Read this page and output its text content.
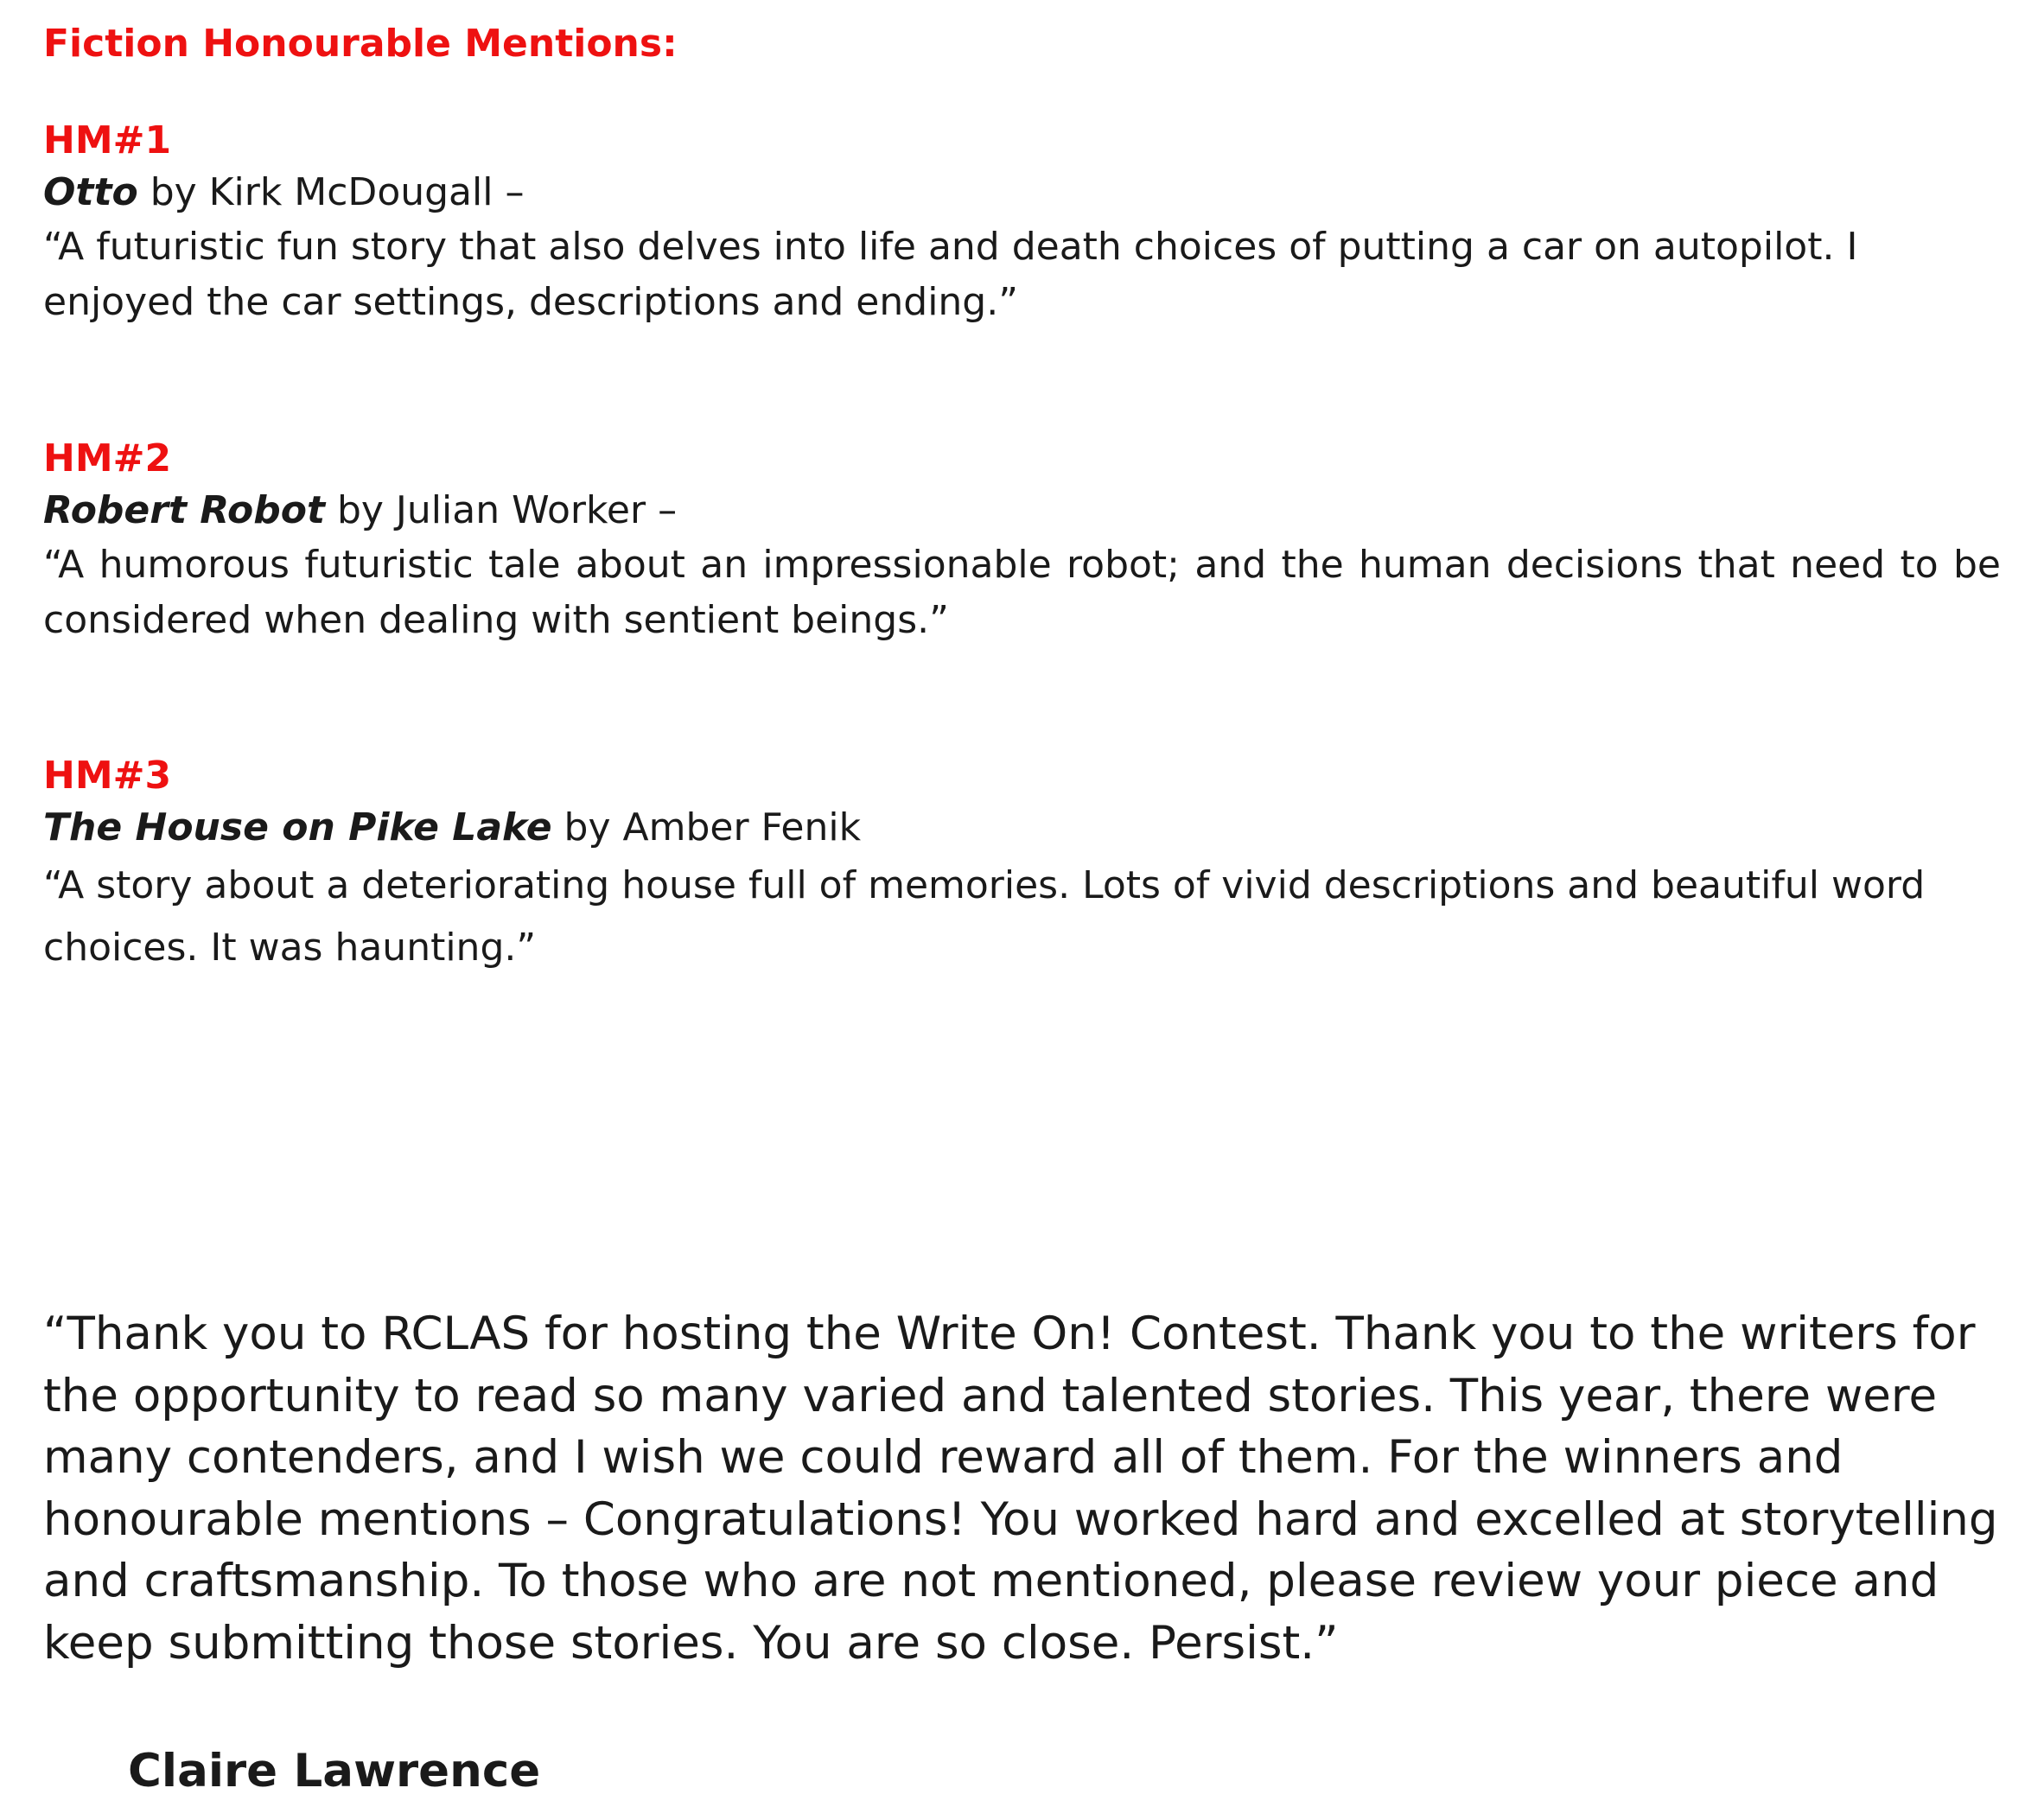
Fiction Honourable Mentions:

HM#1

Otto by Kirk McDougall –

“A futuristic fun story that also delves into life and death choices of putting a car on autopilot. I enjoyed the car settings, descriptions and ending.”

HM#2

Robert Robot by Julian Worker –

“A humorous futuristic tale about an impressionable robot; and the human decisions that need to be considered when dealing with sentient beings.”

HM#3

The House on Pike Lake by Amber Fenik

“A story about a deteriorating house full of memories. Lots of vivid descriptions and beautiful word choices. It was haunting.”

“Thank you to RCLAS for hosting the Write On! Contest. Thank you to the writers for the opportunity to read so many varied and talented stories. This year, there were many contenders, and I wish we could reward all of them. For the winners and honourable mentions – Congratulations! You worked hard and excelled at storytelling and craftsmanship. To those who are not mentioned, please review your piece and keep submitting those stories. You are so close. Persist.”

Claire Lawrence
